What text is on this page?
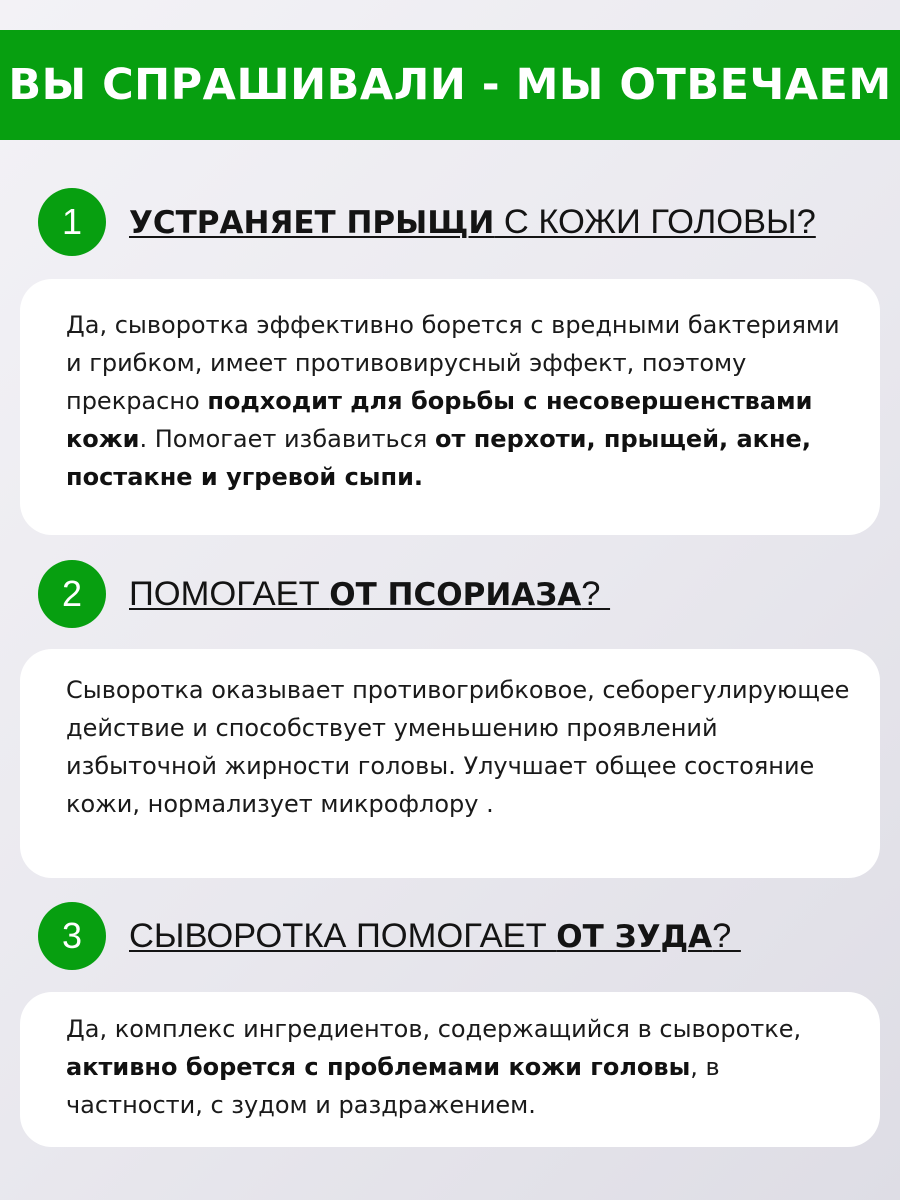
ВЫ СПРАШИВАЛИ - МЫ ОТВЕЧАЕМ
1	УСТРАНЯЕТ ПРЫЩИ С КОЖИ ГОЛОВЫ?

Да, сыворотка эффективно борется с вредными бактериями и грибком, имеет противовирусный эффект, поэтому прекрасно подходит для борьбы с несовершенствами кожи. Помогает избавиться от перхоти, прыщей, акне, постакне и угревой сыпи.

2	ПОМОГАЕТ ОТ ПСОРИАЗА?

Сыворотка оказывает противогрибковое, себорегулирующее действие и способствует уменьшению проявлений избыточной жирности головы. Улучшает общее состояние кожи, нормализует микрофлору .

3	СЫВОРОТКА ПОМОГАЕТ ОТ ЗУДА?

Да, комплекс ингредиентов, содержащийся в сыворотке, активно борется с проблемами кожи головы, в частности, с зудом и раздражением.
